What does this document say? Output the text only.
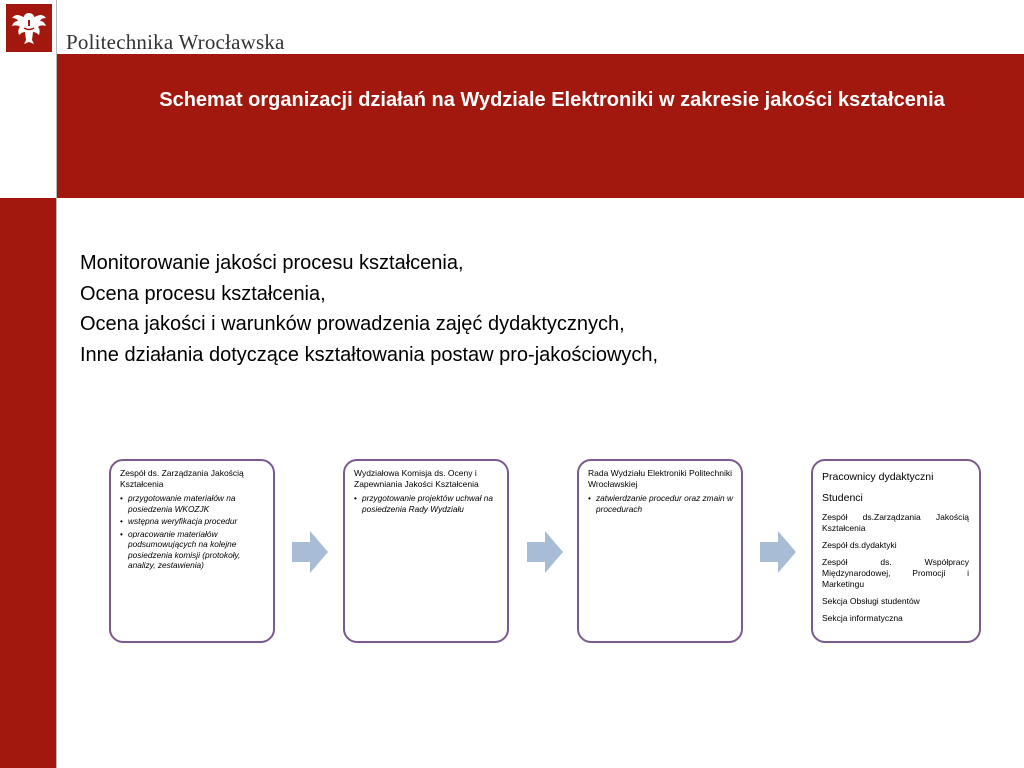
Politechnika Wrocławska
Schemat organizacji działań na Wydziale Elektroniki w zakresie jakości kształcenia
Monitorowanie jakości procesu kształcenia,
Ocena procesu kształcenia,
Ocena jakości i warunków prowadzenia zajęć dydaktycznych,
Inne działania dotyczące kształtowania postaw pro-jakościowych,
Zespół ds. Zarządzania Jakością Kształcenia
• przygotowanie materiałów na posiedzenia WKOZJK
• wstępna weryfikacja procedur
• opracowanie materiałów podsumowujących na kolejne posiedzenia komisji (protokoły, analizy, zestawienia)
Wydziałowa Komisja ds. Oceny i Zapewniania Jakości Kształcenia
• przygotowanie projektów uchwał na posiedzenia Rady Wydziału
Rada Wydziału Elektroniki Politechniki Wrocławskiej
• zatwierdzanie procedur oraz zmain w procedurach
Pracownicy dydaktyczni
Studenci
Zespół ds.Zarządzania Jakością Kształcenia
Zespół ds.dydaktyki
Zespół ds. Współpracy Międzynarodowej, Promocji i Marketingu
Sekcja Obsługi studentów
Sekcja informatyczna
